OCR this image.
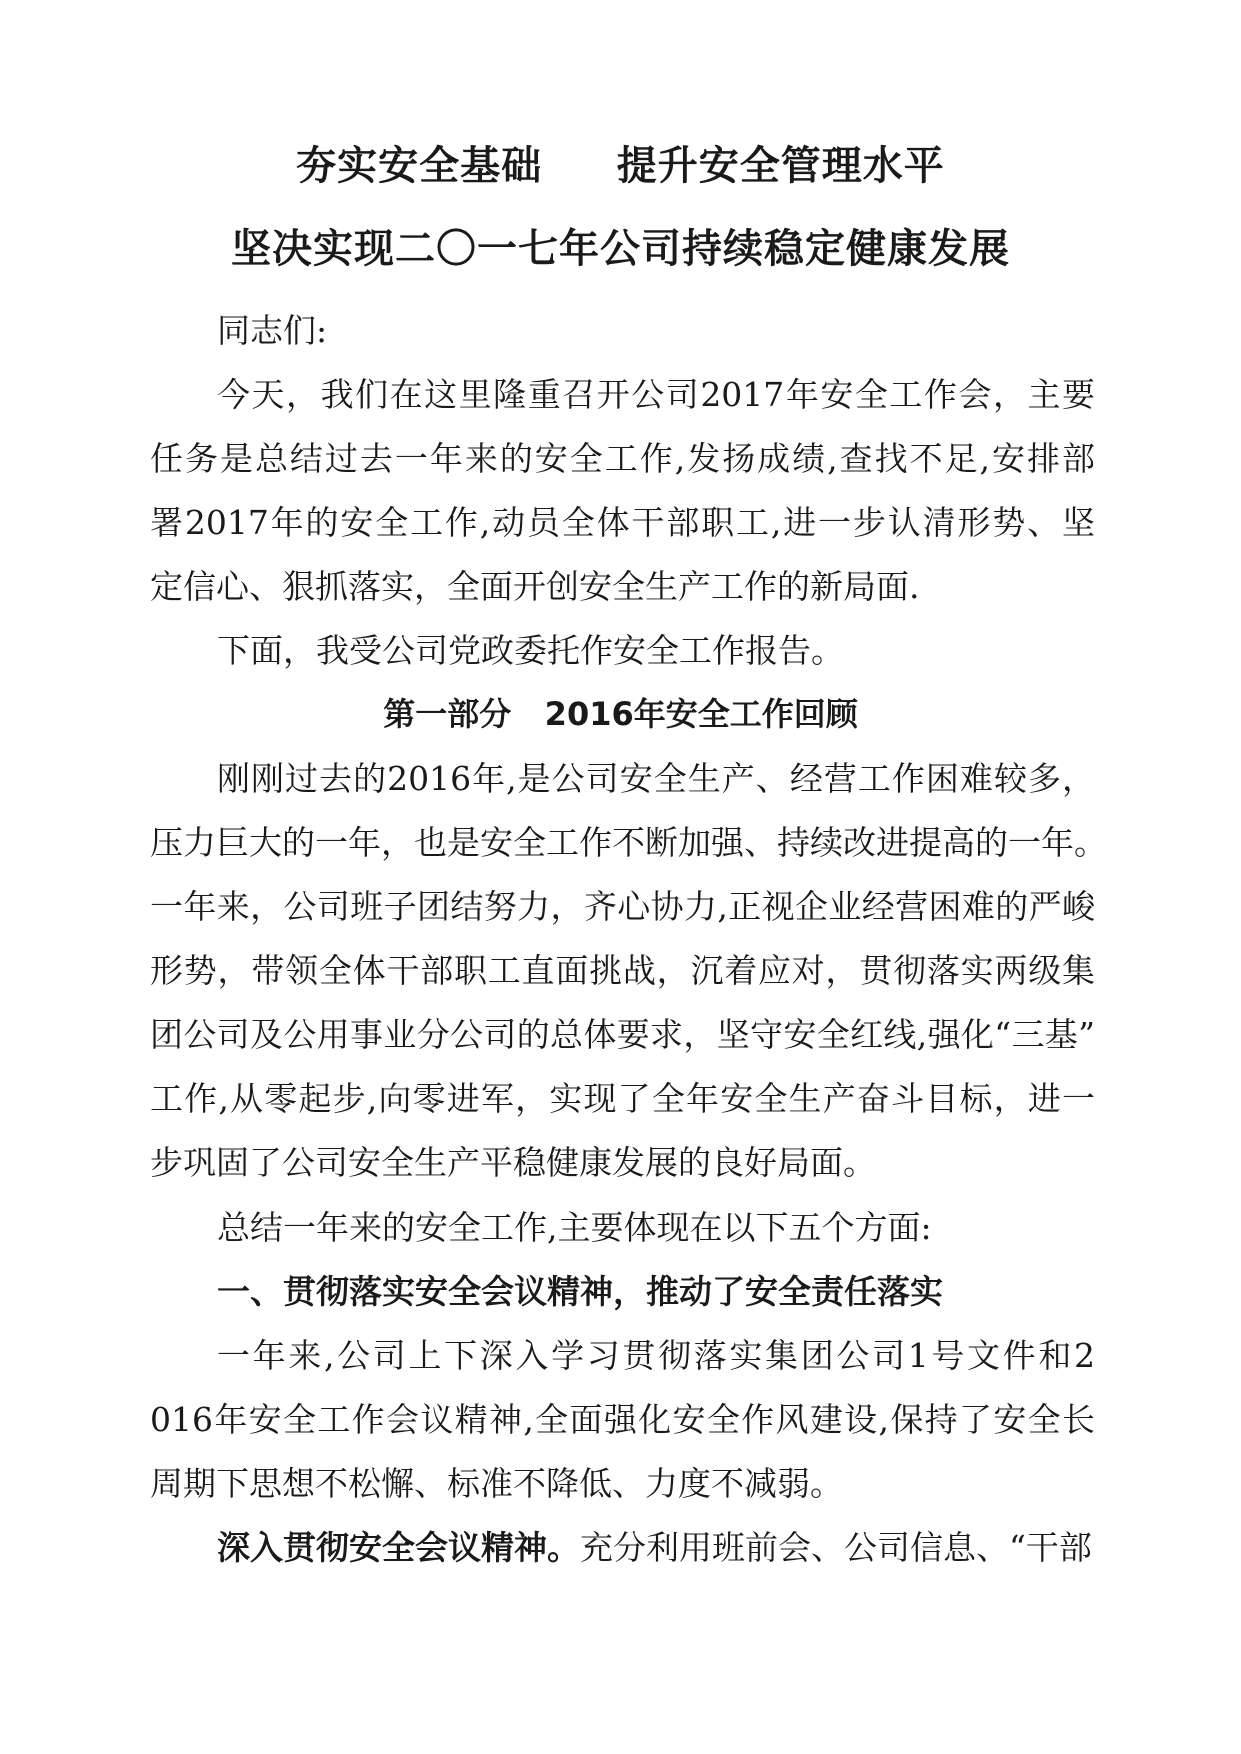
夯实安全基础     提升安全管理水平
坚决实现二〇一七年公司持续稳定健康发展
同志们:
今天，我们在这里隆重召开公司2017年安全工作会，主要
任务是总结过去一年来的安全工作,发扬成绩,查找不足,安排部
署2017年的安全工作,动员全体干部职工,进一步认清形势、坚
定信心、狠抓落实，全面开创安全生产工作的新局面.
下面，我受公司党政委托作安全工作报告。
第一部分   2016年安全工作回顾
刚刚过去的2016年,是公司安全生产、经营工作困难较多，
压力巨大的一年，也是安全工作不断加强、持续改进提高的一年。
一年来，公司班子团结努力，齐心协力,正视企业经营困难的严峻
形势，带领全体干部职工直面挑战，沉着应对，贯彻落实两级集
团公司及公用事业分公司的总体要求，坚守安全红线,强化“三基”
工作,从零起步,向零进军，实现了全年安全生产奋斗目标，进一
步巩固了公司安全生产平稳健康发展的良好局面。
总结一年来的安全工作,主要体现在以下五个方面:
一、贯彻落实安全会议精神，推动了安全责任落实
一年来,公司上下深入学习贯彻落实集团公司1号文件和2
016年安全工作会议精神,全面强化安全作风建设,保持了安全长
周期下思想不松懈、标准不降低、力度不减弱。
深入贯彻安全会议精神。充分利用班前会、公司信息、“干部
